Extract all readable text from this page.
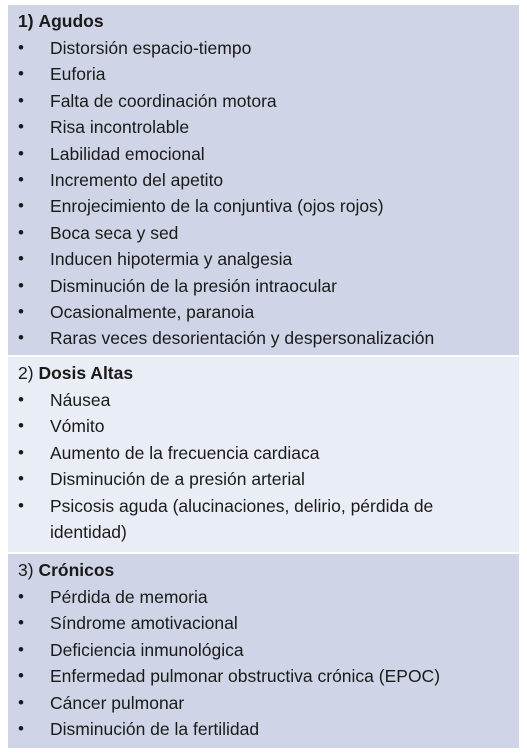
1) Agudos
•	Distorsión espacio-tiempo
•	Euforia
•	Falta de coordinación motora
•	Risa incontrolable
•	Labilidad emocional
•	Incremento del apetito
•	Enrojecimiento de la conjuntiva (ojos rojos)
•	Boca seca y sed
•	Inducen hipotermia y analgesia
•	Disminución de la presión intraocular
•	Ocasionalmente, paranoia
•	Raras veces desorientación y despersonalización
2) Dosis Altas
•	Náusea
•	Vómito
•	Aumento de la frecuencia cardiaca
•	Disminución de a presión arterial
•	Psicosis aguda (alucinaciones, delirio, pérdida de identidad)
3) Crónicos
•	Pérdida de memoria
•	Síndrome amotivacional
•	Deficiencia inmunológica
•	Enfermedad pulmonar obstructiva crónica (EPOC)
•	Cáncer pulmonar
•	Disminución de la fertilidad
